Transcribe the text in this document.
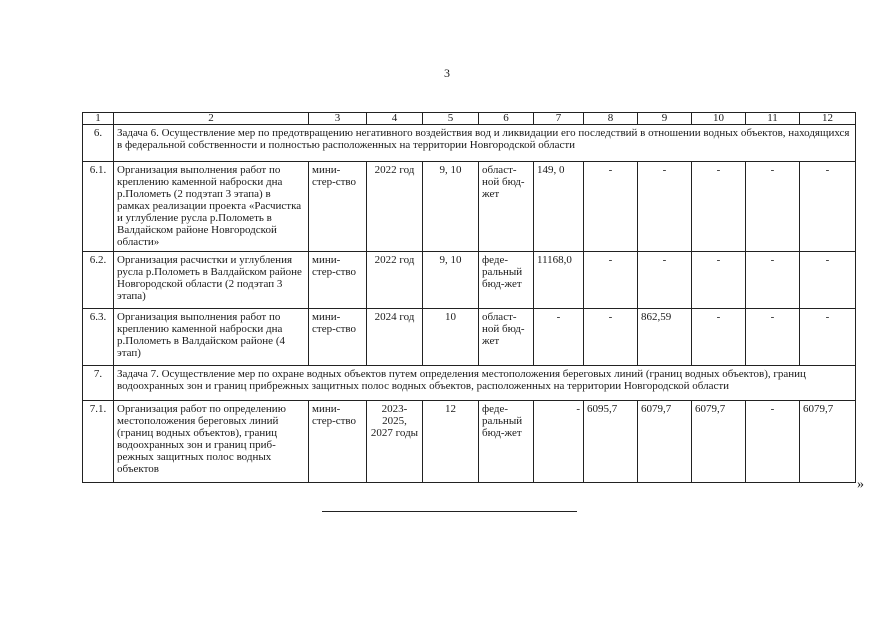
3
1	2	3	4	5	6	7	8	9	10	11	12
6.	Задача 6. Осуществление мер по предотвращению негативного воздействия вод и ликвидации его последствий в отношении водных объектов, находящихся в федеральной собственности и полностью расположенных на территории Новгородской области										
6.1.	Организация выполнения работ по креплению каменной наброски дна р.Полометь (2 подэтап 3 этапа) в рамках реализации проекта «Расчистка и углубление русла р.Полометь в Валдайском районе Новгородской области»	мини-стер-ство	2022 год	9, 10	област-ной бюд-жет	149, 0	-	-	-	-	-
6.2.	Организация расчистки и углубления русла р.Полометь в Валдайском районе Новгородской области (2 подэтап 3 этапа)	мини-стер-ство	2022 год	9, 10	феде-ральный бюд-жет	11168,0	-	-	-	-	-
6.3.	Организация выполнения работ по креплению каменной наброски дна р.Полометь в Валдайском районе (4 этап)	мини-стер-ство	2024 год	10	област-ной бюд-жет	-	-	862,59	-	-	-
7.	Задача 7. Осуществление мер по охране водных объектов путем определения местоположения береговых линий (границ водных объектов), границ водоохранных зон и границ прибрежных защитных полос водных объектов, расположенных на территории Новгородской области										
7.1.	Организация работ по определению местоположения береговых линий (границ водных объектов), границ водоохранных зон и границ приб-режных защитных полос водных объектов	мини-стер-ство	2023-2025, 2027 годы	12	феде-ральный бюд-жет	-	6095,7	6079,7	6079,7	-	6079,7
»
